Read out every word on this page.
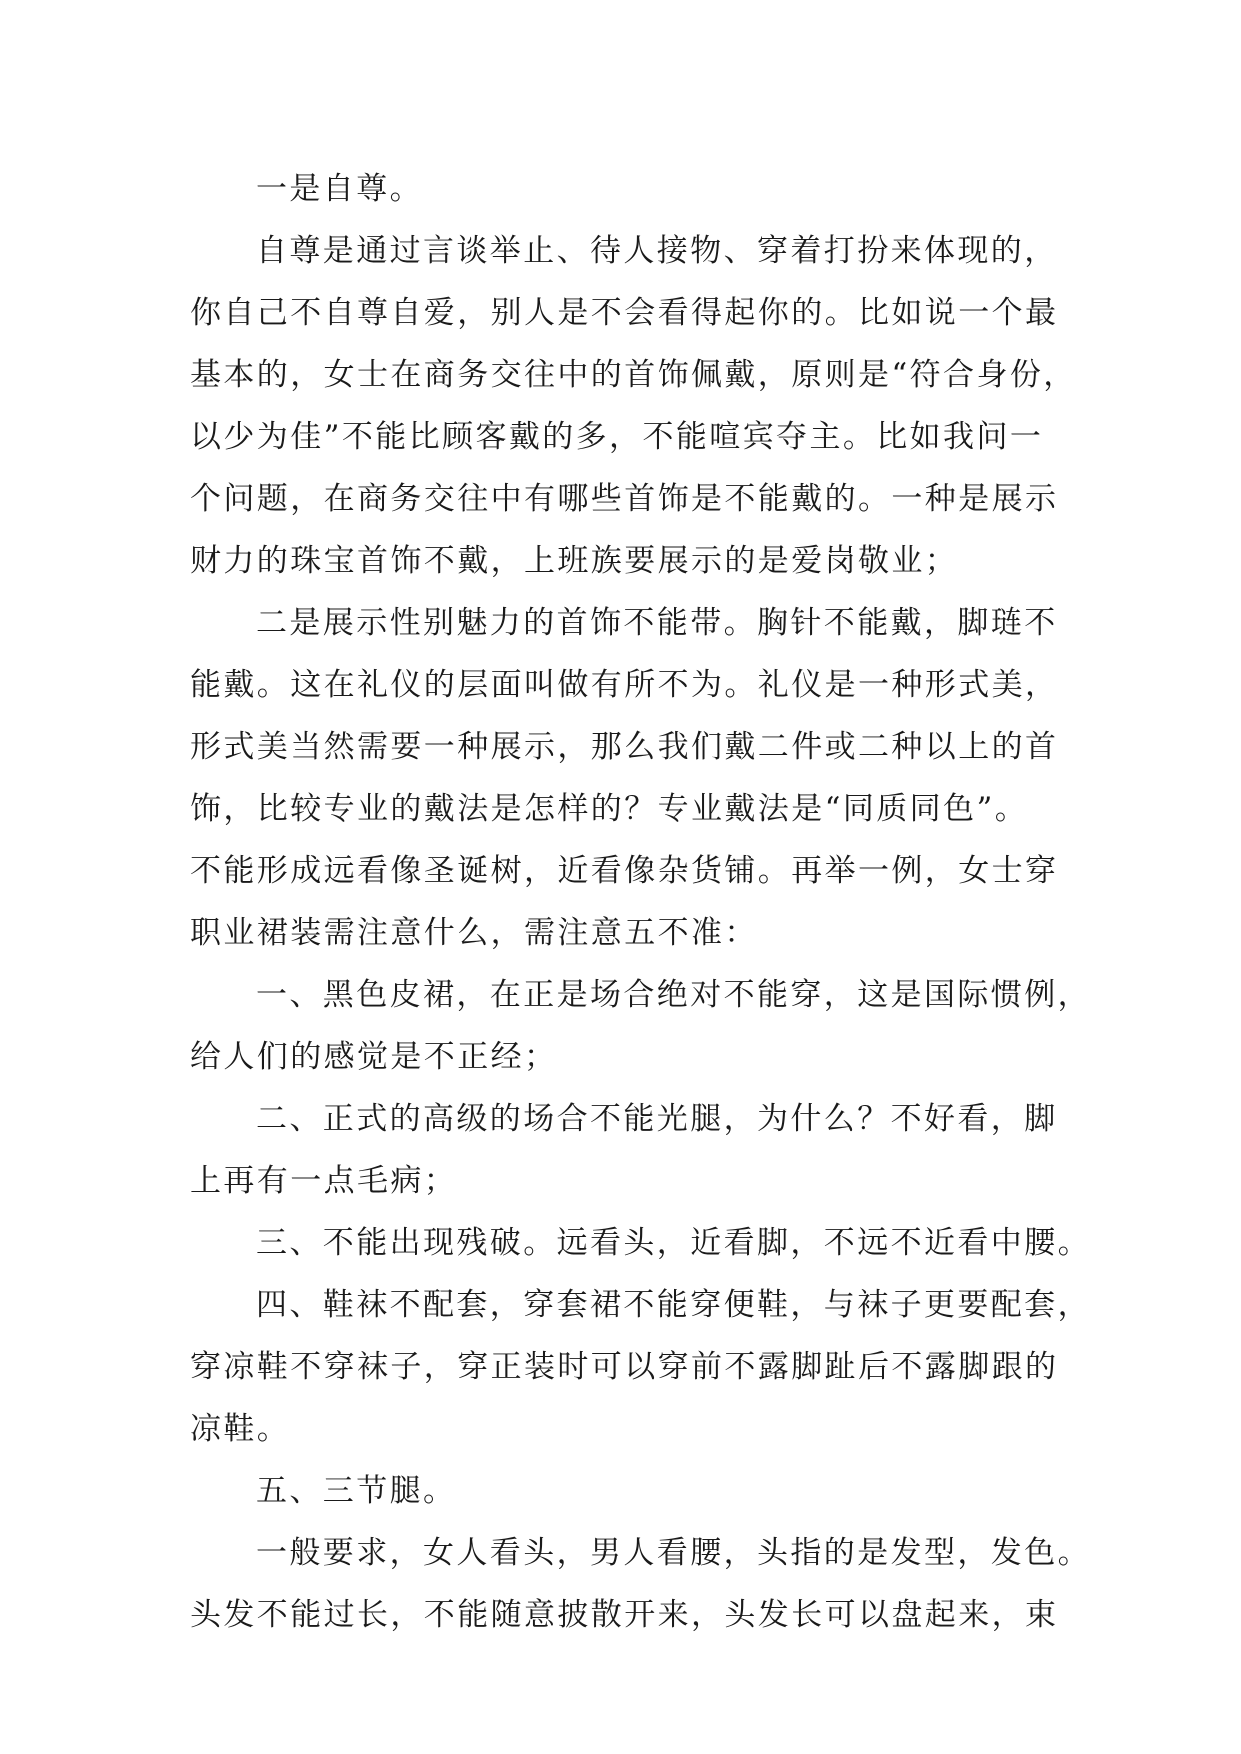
一是自尊。
自尊是通过言谈举止、待人接物、穿着打扮来体现的，
你自己不自尊自爱，别人是不会看得起你的。比如说一个最
基本的，女士在商务交往中的首饰佩戴，原则是“符合身份，
以少为佳”不能比顾客戴的多，不能喧宾夺主。比如我问一
个问题，在商务交往中有哪些首饰是不能戴的。一种是展示
财力的珠宝首饰不戴，上班族要展示的是爱岗敬业；
二是展示性别魅力的首饰不能带。胸针不能戴，脚琏不
能戴。这在礼仪的层面叫做有所不为。礼仪是一种形式美，
形式美当然需要一种展示，那么我们戴二件或二种以上的首
饰，比较专业的戴法是怎样的？专业戴法是“同质同色”。
不能形成远看像圣诞树，近看像杂货铺。再举一例，女士穿
职业裙装需注意什么，需注意五不准：
一、黑色皮裙，在正是场合绝对不能穿，这是国际惯例，
给人们的感觉是不正经；
二、正式的高级的场合不能光腿，为什么？不好看，脚
上再有一点毛病；
三、不能出现残破。远看头，近看脚，不远不近看中腰。
四、鞋袜不配套，穿套裙不能穿便鞋，与袜子更要配套，
穿凉鞋不穿袜子，穿正装时可以穿前不露脚趾后不露脚跟的
凉鞋。
五、三节腿。
一般要求，女人看头，男人看腰，头指的是发型，发色。
头发不能过长，不能随意披散开来，头发长可以盘起来，束
